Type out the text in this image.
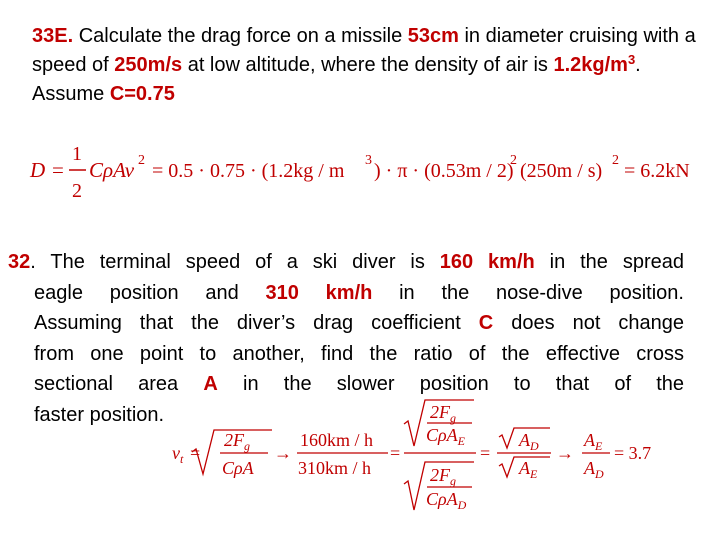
33E. Calculate the drag force on a missile 53cm in diameter cruising with a speed of 250m/s at low altitude, where the density of air is $1.2kg/m^3$. Assume C=0.75
D =
1
2
CρAv 2 = 0.5 · 0.75 · (1.2kg / m 3 ) · π · (0.53m / 2)
2 (250m / s) 2 = 6.2kN
32. The terminal speed of a ski diver is 160 km/h in the spread
eagle position and 310 km/h in the nose-dive position.
Assuming that the diver’s drag coefficient C does not change
from one point to another, find the ratio of the effective cross
sectional area A in the slower position to that of the
faster position.
$v_t$
$2F_g$
CρA
→
160km / h
310km / h
=
$2F_g$
CρA$_E$
$2F_g$
CρA$_D$
=
$A_D$
$A_E$
→
$A_E$
$A_D$
= 3.7
=
